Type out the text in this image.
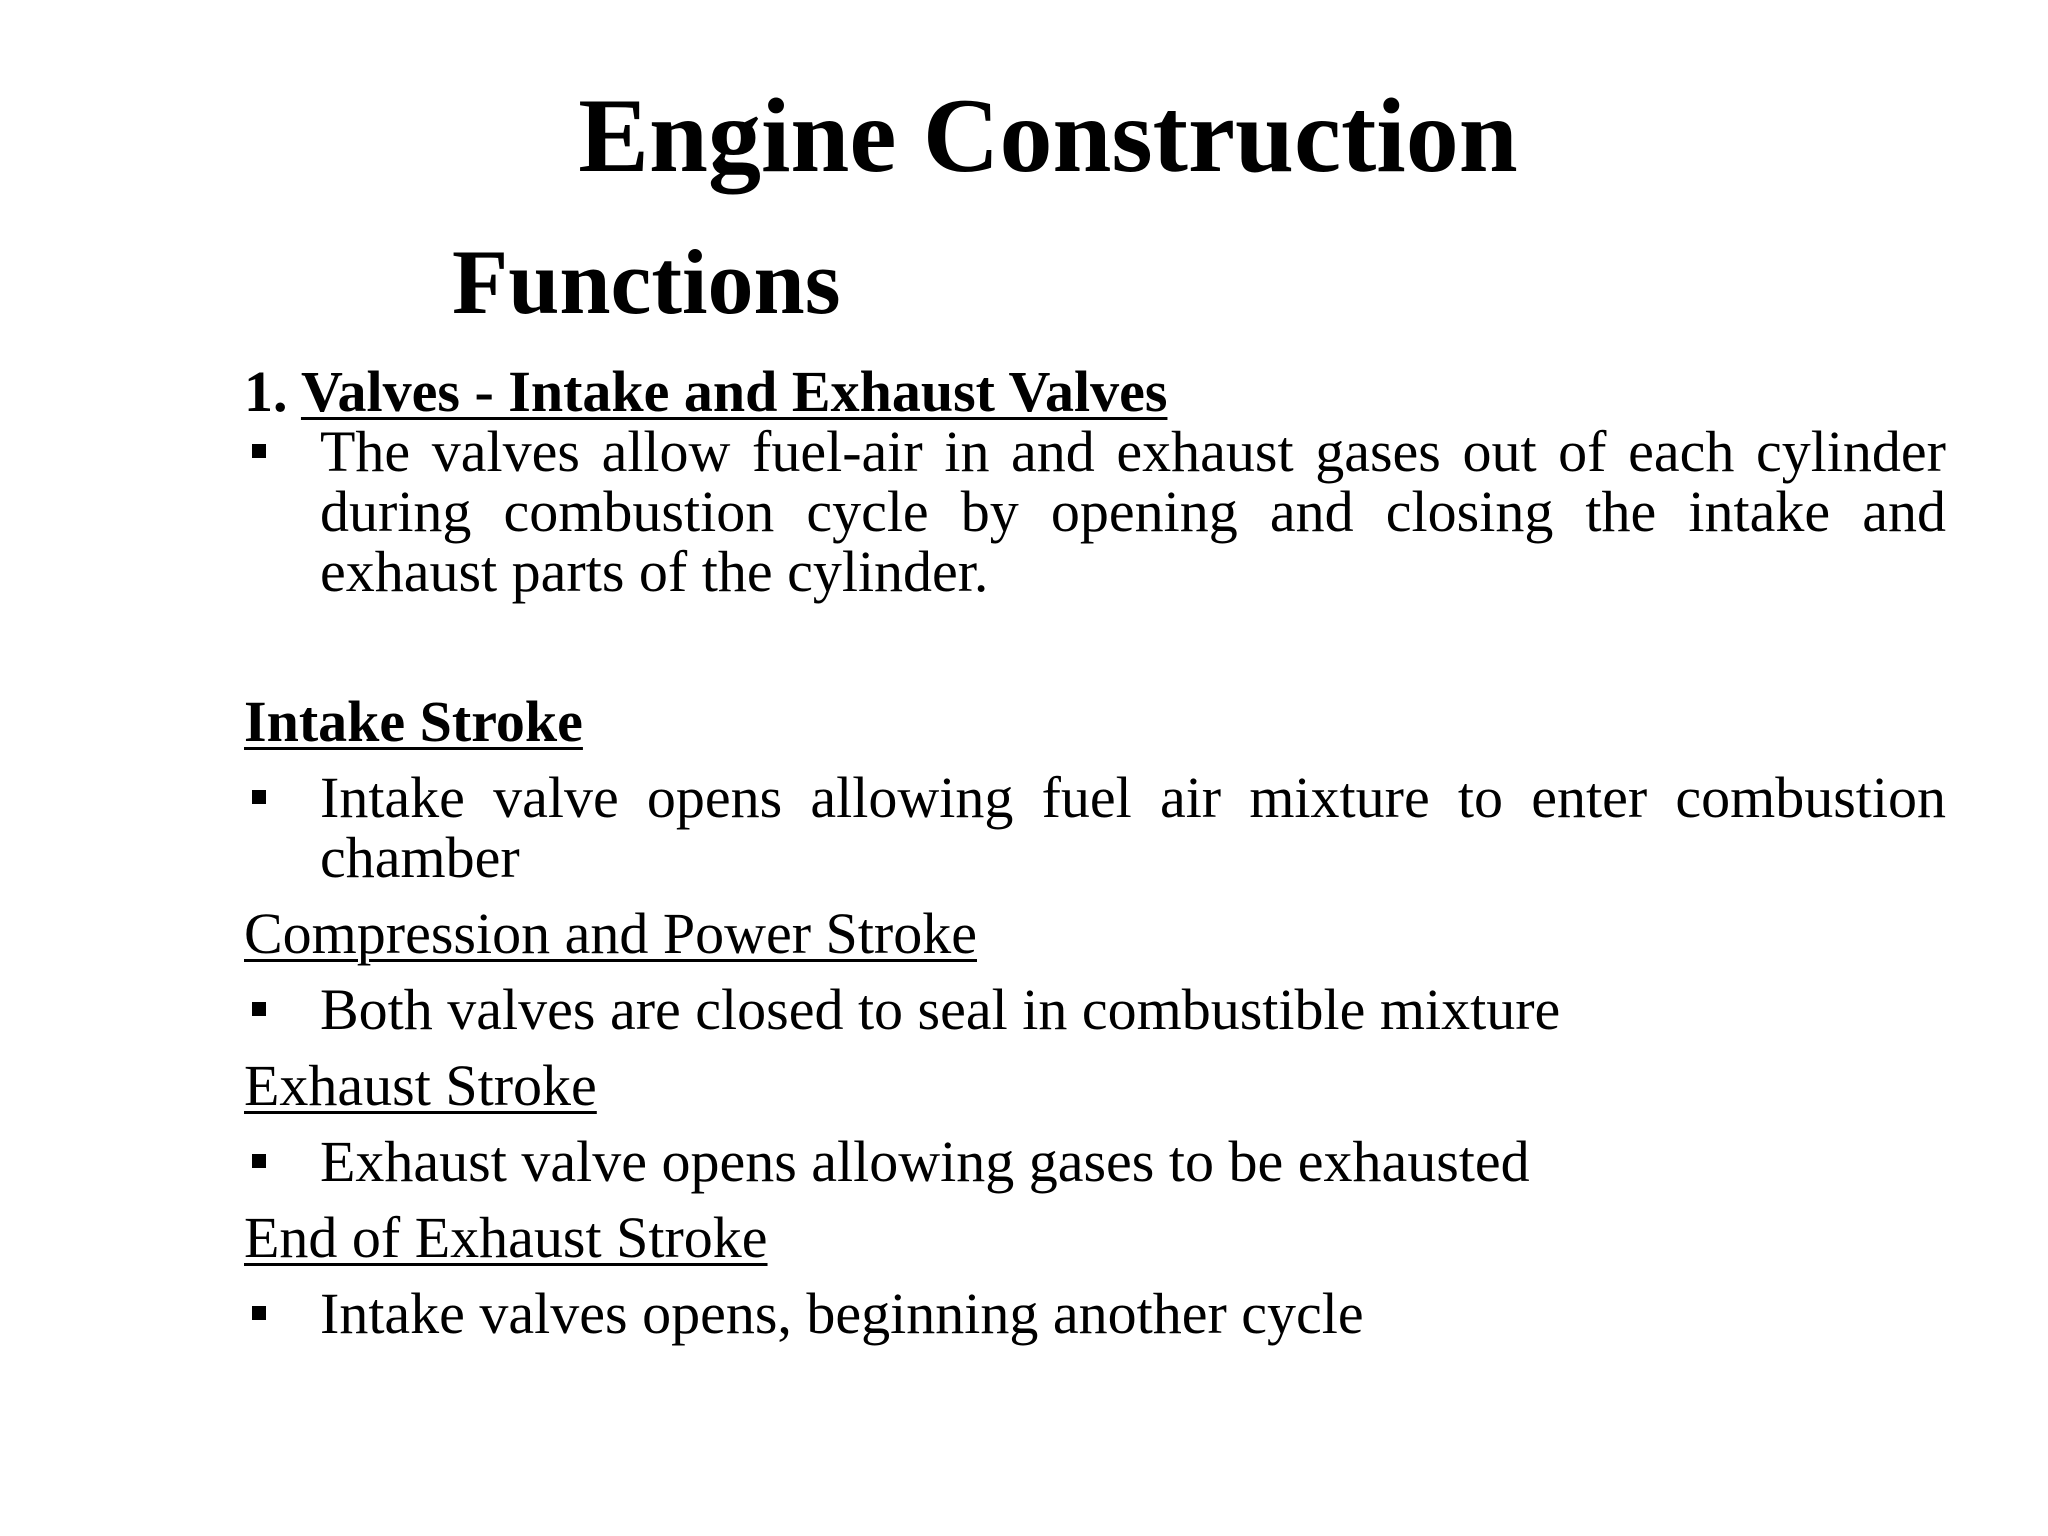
Engine Construction
Functions

1. Valves - Intake and Exhaust Valves

The valves allow fuel-air in and exhaust gases out of each cylinder during combustion cycle by opening and closing the intake and exhaust parts of the cylinder.

Intake Stroke

Intake valve opens allowing fuel air mixture to enter combustion chamber

Compression and Power Stroke

Both valves are closed to seal in combustible mixture

Exhaust Stroke

Exhaust valve opens allowing gases to be exhausted

End of Exhaust Stroke

Intake valves opens, beginning another cycle
